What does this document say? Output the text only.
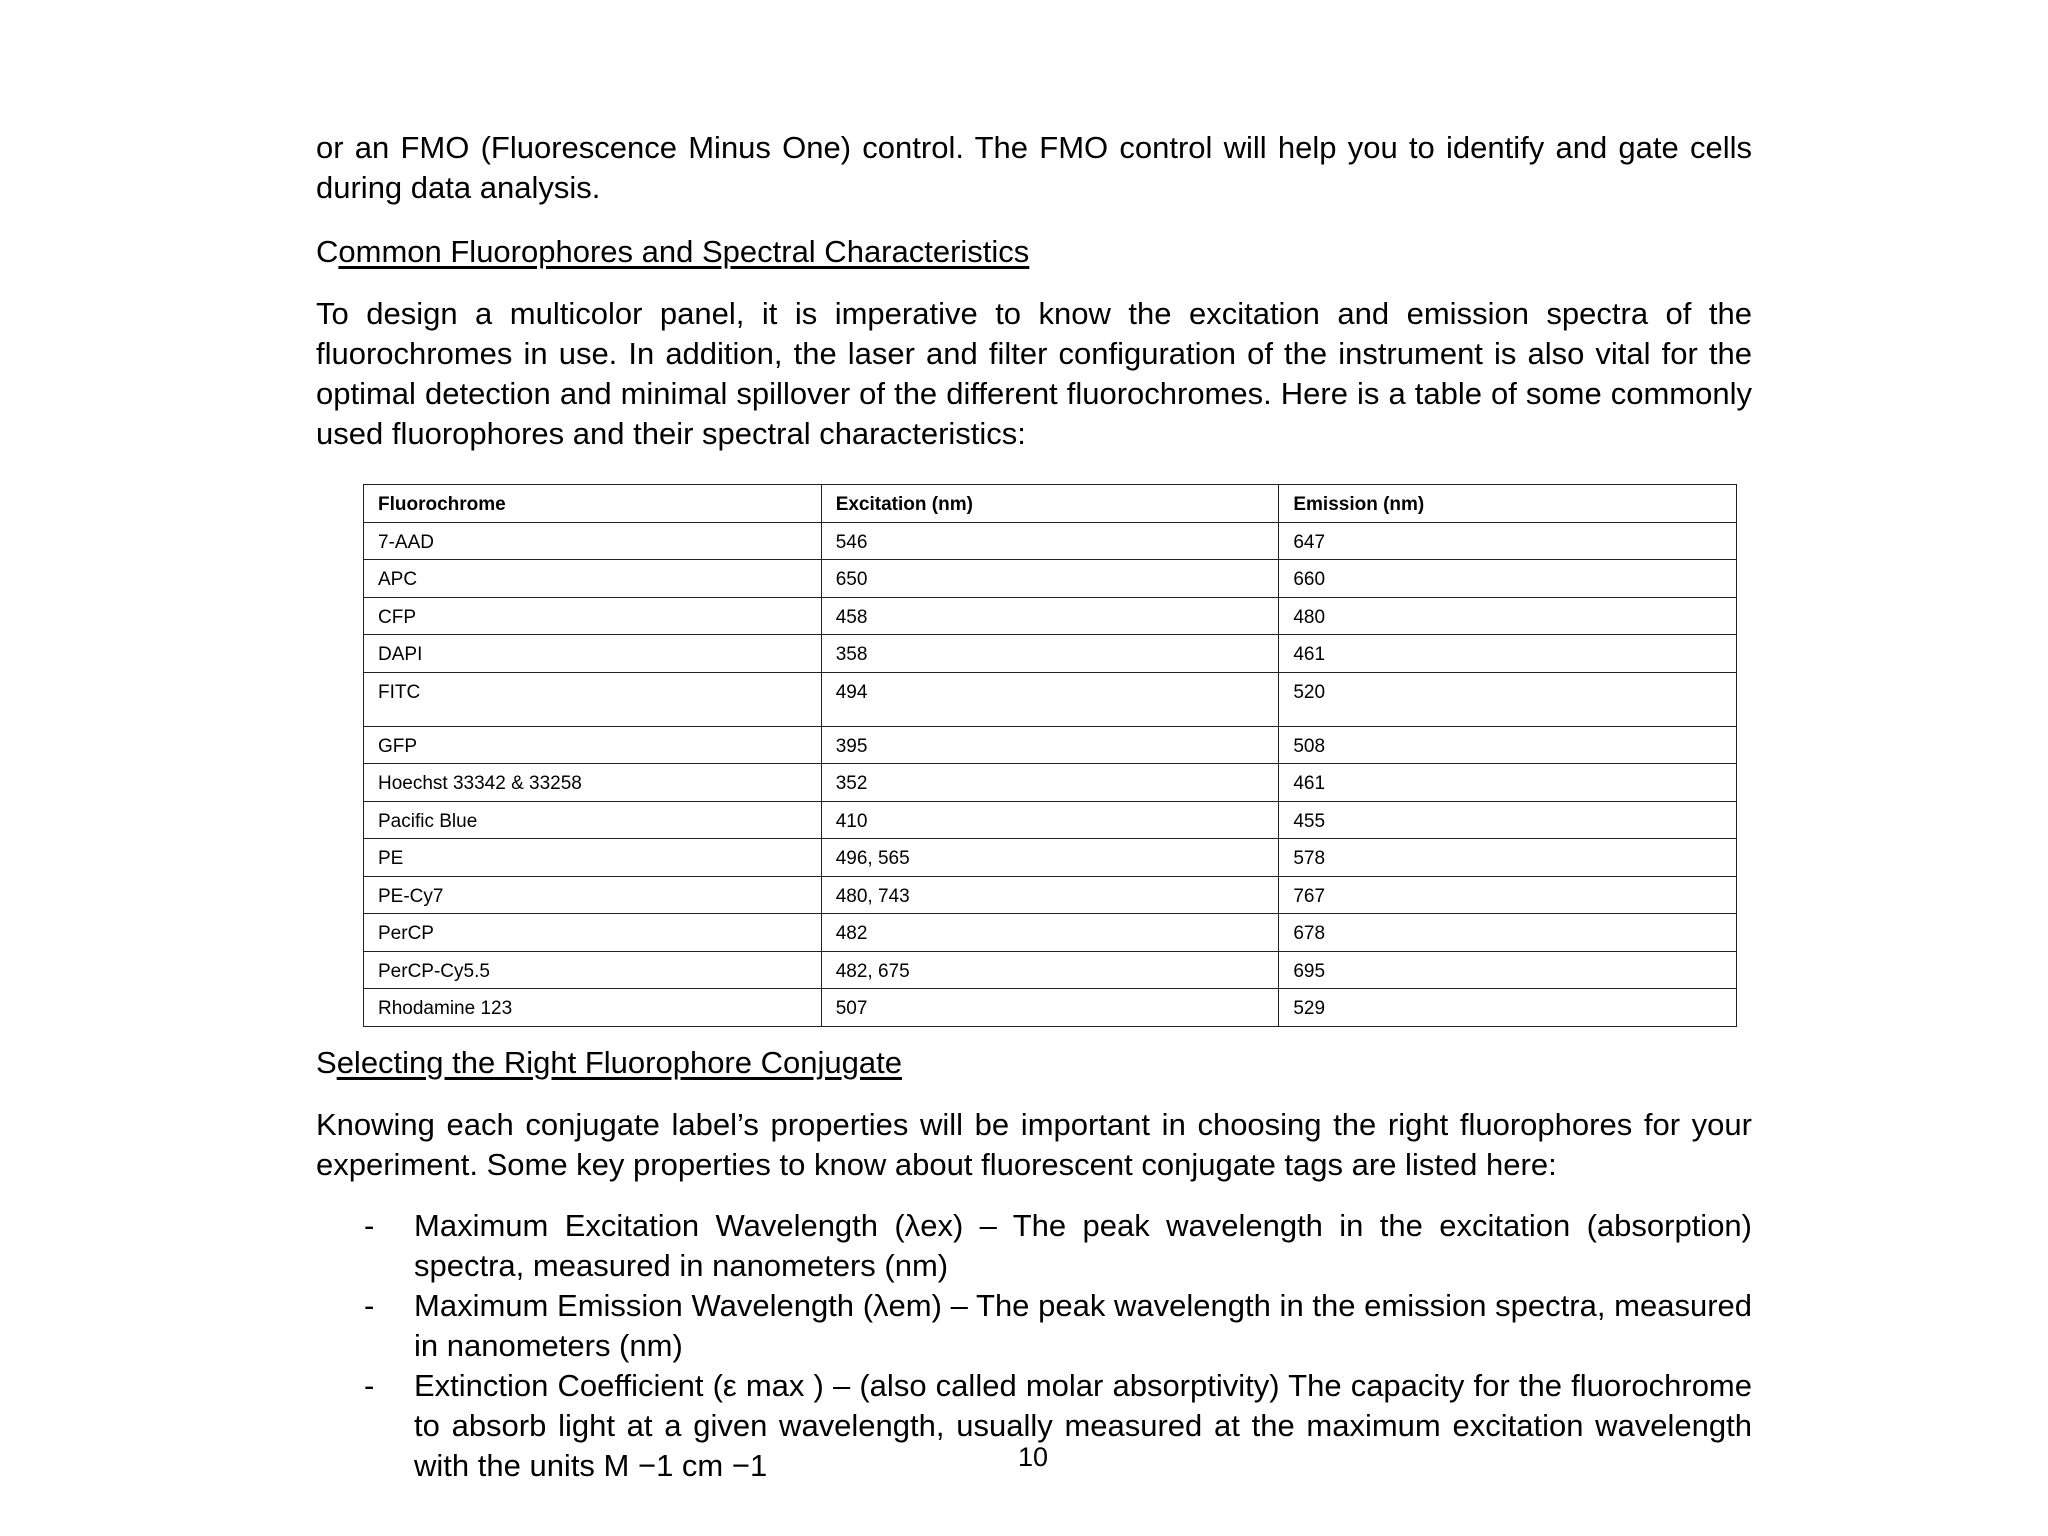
or an FMO (Fluorescence Minus One) control. The FMO control will help you to identify and gate cells during data analysis.

Common Fluorophores and Spectral Characteristics

To design a multicolor panel, it is imperative to know the excitation and emission spectra of the fluorochromes in use. In addition, the laser and filter configuration of the instrument is also vital for the optimal detection and minimal spillover of the different fluorochromes. Here is a table of some commonly used fluorophores and their spectral characteristics:

Fluorochrome	Excitation (nm)	Emission (nm)
7-AAD	546	647
APC	650	660
CFP	458	480
DAPI	358	461
FITC	494	520
GFP	395	508
Hoechst 33342 & 33258	352	461
Pacific Blue	410	455
PE	496, 565	578
PE-Cy7	480, 743	767
PerCP	482	678
PerCP-Cy5.5	482, 675	695
Rhodamine 123	507	529

Selecting the Right Fluorophore Conjugate

Knowing each conjugate label’s properties will be important in choosing the right fluorophores for your experiment. Some key properties to know about fluorescent conjugate tags are listed here:

- Maximum Excitation Wavelength (λex) – The peak wavelength in the excitation (absorption) spectra, measured in nanometers (nm)
- Maximum Emission Wavelength (λem) – The peak wavelength in the emission spectra, measured in nanometers (nm)
- Extinction Coefficient (ε max ) – (also called molar absorptivity) The capacity for the fluorochrome to absorb light at a given wavelength, usually measured at the maximum excitation wavelength with the units M −1 cm −1	10
